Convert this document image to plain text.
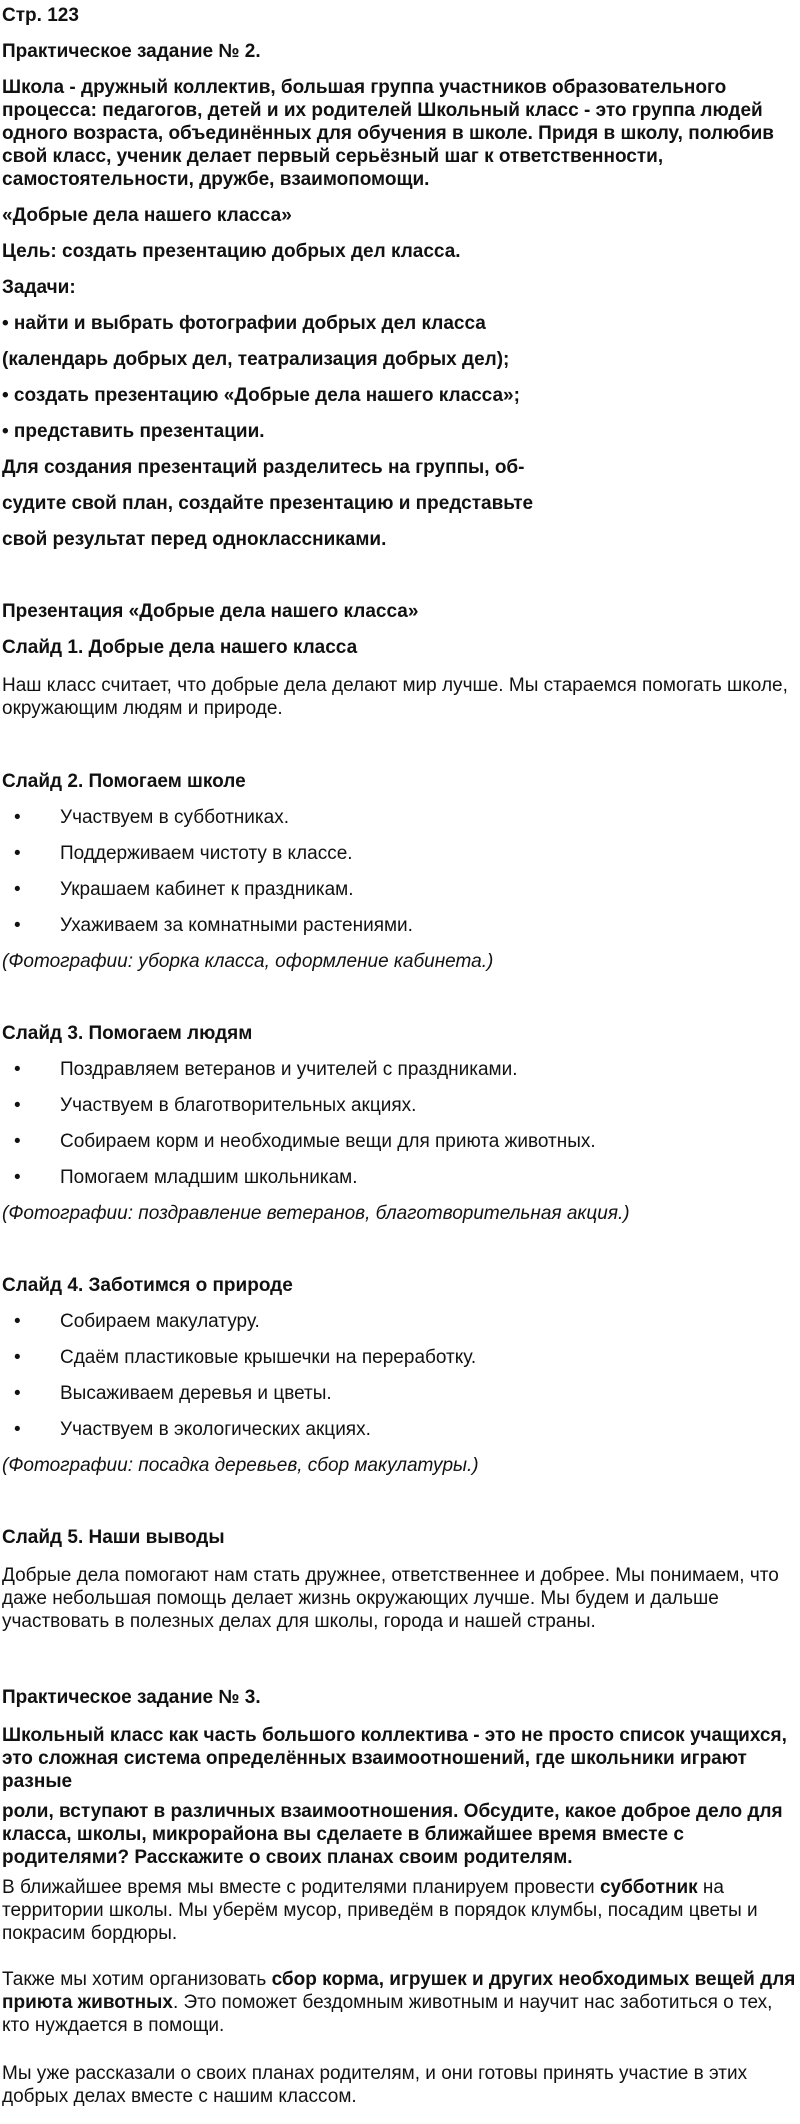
Стр. 123

Практическое задание № 2.

Школа - дружный коллектив, большая группа участников образовательного процесса: педагогов, детей и их родителей Школьный класс - это группа людей одного возраста, объединённых для обучения в школе. Придя в школу, полюбив свой класс, ученик делает первый серьёзный шаг к ответственности, самостоятельности, дружбе, взаимопомощи.

«Добрые дела нашего класса»

Цель: создать презентацию добрых дел класса.

Задачи:

• найти и выбрать фотографии добрых дел класса

(календарь добрых дел, театрализация добрых дел);

• создать презентацию «Добрые дела нашего класса»;

• представить презентации.

Для создания презентаций разделитесь на группы, об-

судите свой план, создайте презентацию и представьте

свой результат перед одноклассниками.

Презентация «Добрые дела нашего класса»

Слайд 1. Добрые дела нашего класса

Наш класс считает, что добрые дела делают мир лучше. Мы стараемся помогать школе, окружающим людям и природе.

Слайд 2. Помогаем школе

•	Участвуем в субботниках.
•	Поддерживаем чистоту в классе.
•	Украшаем кабинет к праздникам.
•	Ухаживаем за комнатными растениями.

(Фотографии: уборка класса, оформление кабинета.)

Слайд 3. Помогаем людям

•	Поздравляем ветеранов и учителей с праздниками.
•	Участвуем в благотворительных акциях.
•	Собираем корм и необходимые вещи для приюта животных.
•	Помогаем младшим школьникам.

(Фотографии: поздравление ветеранов, благотворительная акция.)

Слайд 4. Заботимся о природе

•	Собираем макулатуру.
•	Сдаём пластиковые крышечки на переработку.
•	Высаживаем деревья и цветы.
•	Участвуем в экологических акциях.

(Фотографии: посадка деревьев, сбор макулатуры.)

Слайд 5. Наши выводы

Добрые дела помогают нам стать дружнее, ответственнее и добрее. Мы понимаем, что даже небольшая помощь делает жизнь окружающих лучше. Мы будем и дальше участвовать в полезных делах для школы, города и нашей страны.

Практическое задание № 3.

Школьный класс как часть большого коллектива - это не просто список учащихся, это сложная система определённых взаимоотношений, где школьники играют разные

роли, вступают в различных взаимоотношения. Обсудите, какое доброе дело для класса, школы, микрорайона вы сделаете в ближайшее время вместе с родителями? Расскажите о своих планах своим родителям.

В ближайшее время мы вместе с родителями планируем провести субботник на территории школы. Мы уберём мусор, приведём в порядок клумбы, посадим цветы и покрасим бордюры.

Также мы хотим организовать сбор корма, игрушек и других необходимых вещей для приюта животных. Это поможет бездомным животным и научит нас заботиться о тех, кто нуждается в помощи.

Мы уже рассказали о своих планах родителям, и они готовы принять участие в этих добрых делах вместе с нашим классом.
